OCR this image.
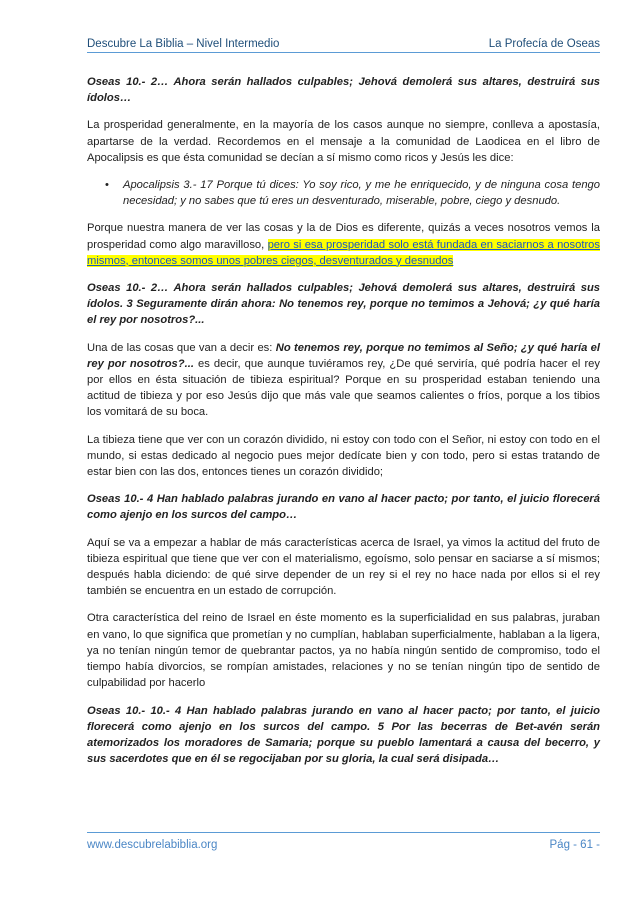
Descubre La Biblia – Nivel Intermedio	La Profecía de Oseas

Oseas 10.- 2… Ahora serán hallados culpables; Jehová demolerá sus altares, destruirá sus ídolos…

La prosperidad generalmente, en la mayoría de los casos aunque no siempre, conlleva a apostasía, apartarse de la verdad. Recordemos en el mensaje a la comunidad de Laodicea en el libro de Apocalipsis es que ésta comunidad se decían a sí mismo como ricos y Jesús les dice:

• Apocalipsis 3.- 17 Porque tú dices: Yo soy rico, y me he enriquecido, y de ninguna cosa tengo necesidad; y no sabes que tú eres un desventurado, miserable, pobre, ciego y desnudo.

Porque nuestra manera de ver las cosas y la de Dios es diferente, quizás a veces nosotros vemos la prosperidad como algo maravilloso, pero si esa prosperidad solo está fundada en saciarnos a nosotros mismos, entonces somos unos pobres ciegos, desventurados y desnudos

Oseas 10.- 2… Ahora serán hallados culpables; Jehová demolerá sus altares, destruirá sus ídolos. 3 Seguramente dirán ahora: No tenemos rey, porque no temimos a Jehová; ¿y qué haría el rey por nosotros?...

Una de las cosas que van a decir es: No tenemos rey, porque no temimos al Seño; ¿y qué haría el rey por nosotros?... es decir, que aunque tuviéramos rey, ¿De qué serviría, qué podría hacer el rey por ellos en ésta situación de tibieza espiritual? Porque en su prosperidad estaban teniendo una actitud de tibieza y por eso Jesús dijo que más vale que seamos calientes o fríos, porque a los tibios los vomitará de su boca.

La tibieza tiene que ver con un corazón dividido, ni estoy con todo con el Señor, ni estoy con todo en el mundo, si estas dedicado al negocio pues mejor dedícate bien y con todo, pero si estas tratando de estar bien con las dos, entonces tienes un corazón dividido;

Oseas 10.- 4 Han hablado palabras jurando en vano al hacer pacto; por tanto, el juicio florecerá como ajenjo en los surcos del campo…

Aquí se va a empezar a hablar de más características acerca de Israel, ya vimos la actitud del fruto de tibieza espiritual que tiene que ver con el materialismo, egoísmo, solo pensar en saciarse a sí mismos; después habla diciendo: de qué sirve depender de un rey si el rey no hace nada por ellos si el rey también se encuentra en un estado de corrupción.

Otra característica del reino de Israel en éste momento es la superficialidad en sus palabras, juraban en vano, lo que significa que prometían y no cumplían, hablaban superficialmente, hablaban a la ligera, ya no tenían ningún temor de quebrantar pactos, ya no había ningún sentido de compromiso, todo el tiempo había divorcios, se rompían amistades, relaciones y no se tenían ningún tipo de sentido de culpabilidad por hacerlo

Oseas 10.- 10.- 4 Han hablado palabras jurando en vano al hacer pacto; por tanto, el juicio florecerá como ajenjo en los surcos del campo. 5 Por las becerras de Bet-avén serán atemorizados los moradores de Samaria; porque su pueblo lamentará a causa del becerro, y sus sacerdotes que en él se regocijaban por su gloria, la cual será disipada…

www.descubrelabiblia.org	Pág - 61 -
